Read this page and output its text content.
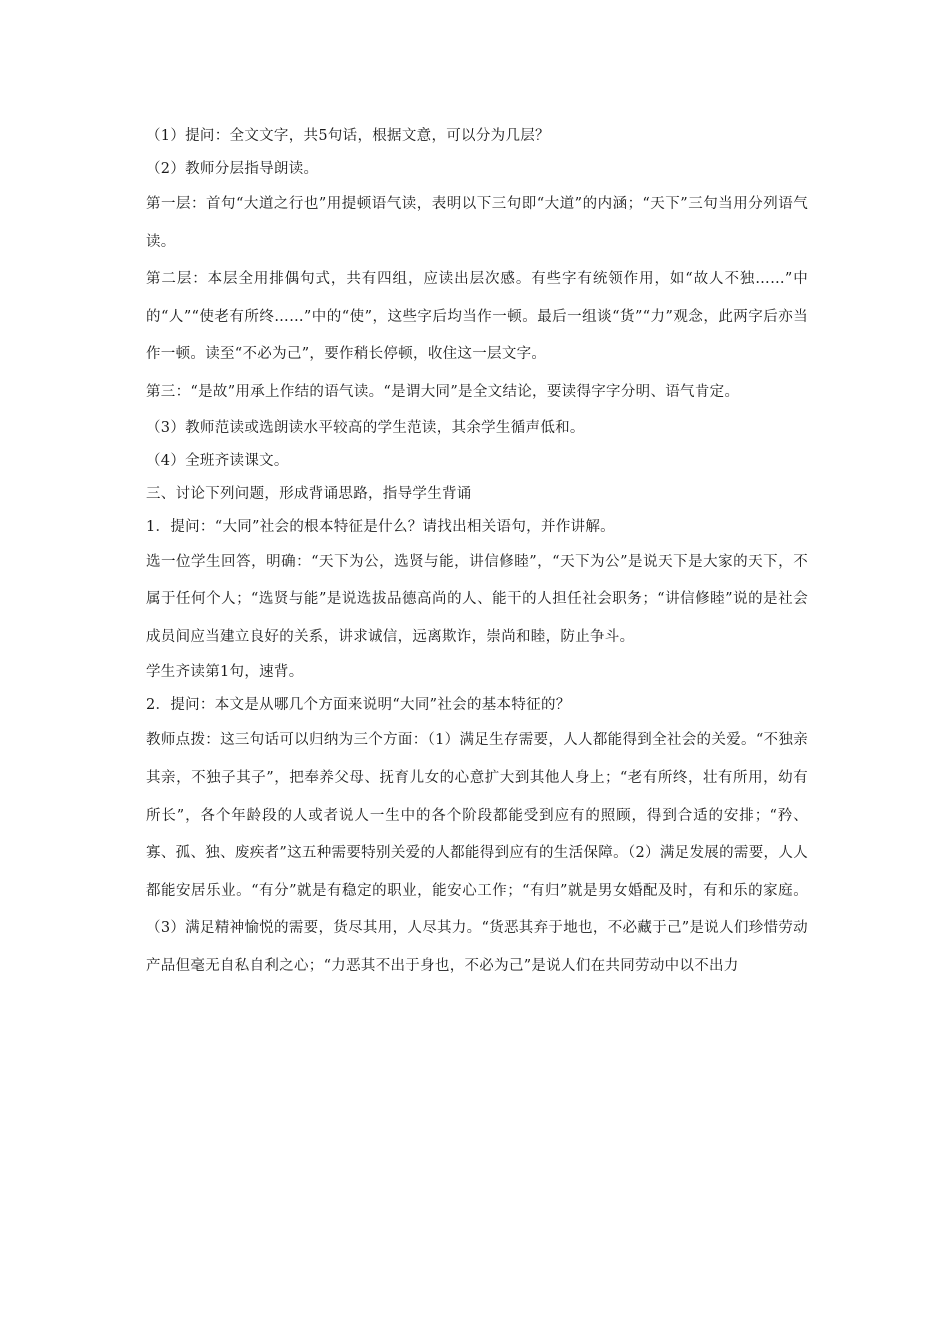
（1）提问：全文文字，共5句话，根据文意，可以分为几层？

（2）教师分层指导朗读。

第一层：首句“大道之行也”用提顿语气读，表明以下三句即“大道”的内涵；“天下”三句当用分列语气读。

第二层：本层全用排偶句式，共有四组，应读出层次感。有些字有统领作用，如“故人不独……”中的“人”“使老有所终……”中的“使”，这些字后均当作一顿。最后一组谈“货”“力”观念，此两字后亦当作一顿。读至“不必为己”，要作稍长停顿，收住这一层文字。

第三：“是故”用承上作结的语气读。“是谓大同”是全文结论，要读得字字分明、语气肯定。

（3）教师范读或选朗读水平较高的学生范读，其余学生循声低和。

（4）全班齐读课文。

三、讨论下列问题，形成背诵思路，指导学生背诵

1．提问：“大同”社会的根本特征是什么？请找出相关语句，并作讲解。

选一位学生回答，明确：“天下为公，选贤与能，讲信修睦”，“天下为公”是说天下是大家的天下，不属于任何个人；“选贤与能”是说选拔品德高尚的人、能干的人担任社会职务；“讲信修睦”说的是社会成员间应当建立良好的关系，讲求诚信，远离欺诈，崇尚和睦，防止争斗。

学生齐读第1句，速背。

2．提问：本文是从哪几个方面来说明“大同”社会的基本特征的？

教师点拨：这三句话可以归纳为三个方面：（1）满足生存需要，人人都能得到全社会的关爱。“不独亲其亲，不独子其子”，把奉养父母、抚育儿女的心意扩大到其他人身上；“老有所终，壮有所用，幼有所长”，各个年龄段的人或者说人一生中的各个阶段都能受到应有的照顾，得到合适的安排；“矜、寡、孤、独、废疾者”这五种需要特别关爱的人都能得到应有的生活保障。（2）满足发展的需要，人人都能安居乐业。“有分”就是有稳定的职业，能安心工作；“有归”就是男女婚配及时，有和乐的家庭。（3）满足精神愉悦的需要，货尽其用，人尽其力。“货恶其弃于地也，不必藏于己”是说人们珍惜劳动产品但毫无自私自利之心；“力恶其不出于身也，不必为己”是说人们在共同劳动中以不出力
